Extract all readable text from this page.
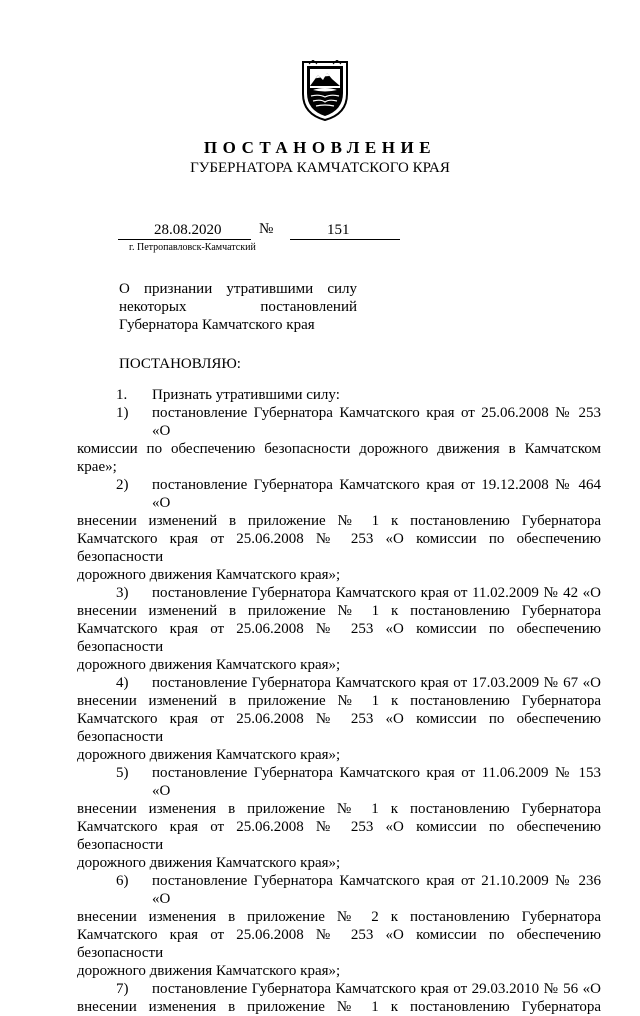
ПОСТАНОВЛЕНИЕ
ГУБЕРНАТОРА КАМЧАТСКОГО КРАЯ
28.08.2020	№	151
г. Петропавловск-Камчатский
О признании утратившими силу
некоторых	постановлений
Губернатора Камчатского края
ПОСТАНОВЛЯЮ:
1. Признать утратившими силу:
1) постановление Губернатора Камчатского края от 25.06.2008 № 253 «О
комиссии по обеспечению безопасности дорожного движения в Камчатском
крае»;
2) постановление Губернатора Камчатского края от 19.12.2008 № 464 «О
внесении изменений в приложение № 1 к постановлению Губернатора
Камчатского края от 25.06.2008 № 253 «О комиссии по обеспечению безопасности
дорожного движения Камчатского края»;
3) постановление Губернатора Камчатского края от 11.02.2009 № 42 «О
внесении изменений в приложение № 1 к постановлению Губернатора
Камчатского края от 25.06.2008 № 253 «О комиссии по обеспечению безопасности
дорожного движения Камчатского края»;
4) постановление Губернатора Камчатского края от 17.03.2009 № 67 «О
внесении изменений в приложение № 1 к постановлению Губернатора
Камчатского края от 25.06.2008 № 253 «О комиссии по обеспечению безопасности
дорожного движения Камчатского края»;
5) постановление Губернатора Камчатского края от 11.06.2009 № 153 «О
внесении изменения в приложение № 1 к постановлению Губернатора
Камчатского края от 25.06.2008 № 253 «О комиссии по обеспечению безопасности
дорожного движения Камчатского края»;
6) постановление Губернатора Камчатского края от 21.10.2009 № 236 «О
внесении изменения в приложение № 2 к постановлению Губернатора
Камчатского края от 25.06.2008 № 253 «О комиссии по обеспечению безопасности
дорожного движения Камчатского края»;
7) постановление Губернатора Камчатского края от 29.03.2010 № 56 «О
внесении изменения в приложение № 1 к постановлению Губернатора
